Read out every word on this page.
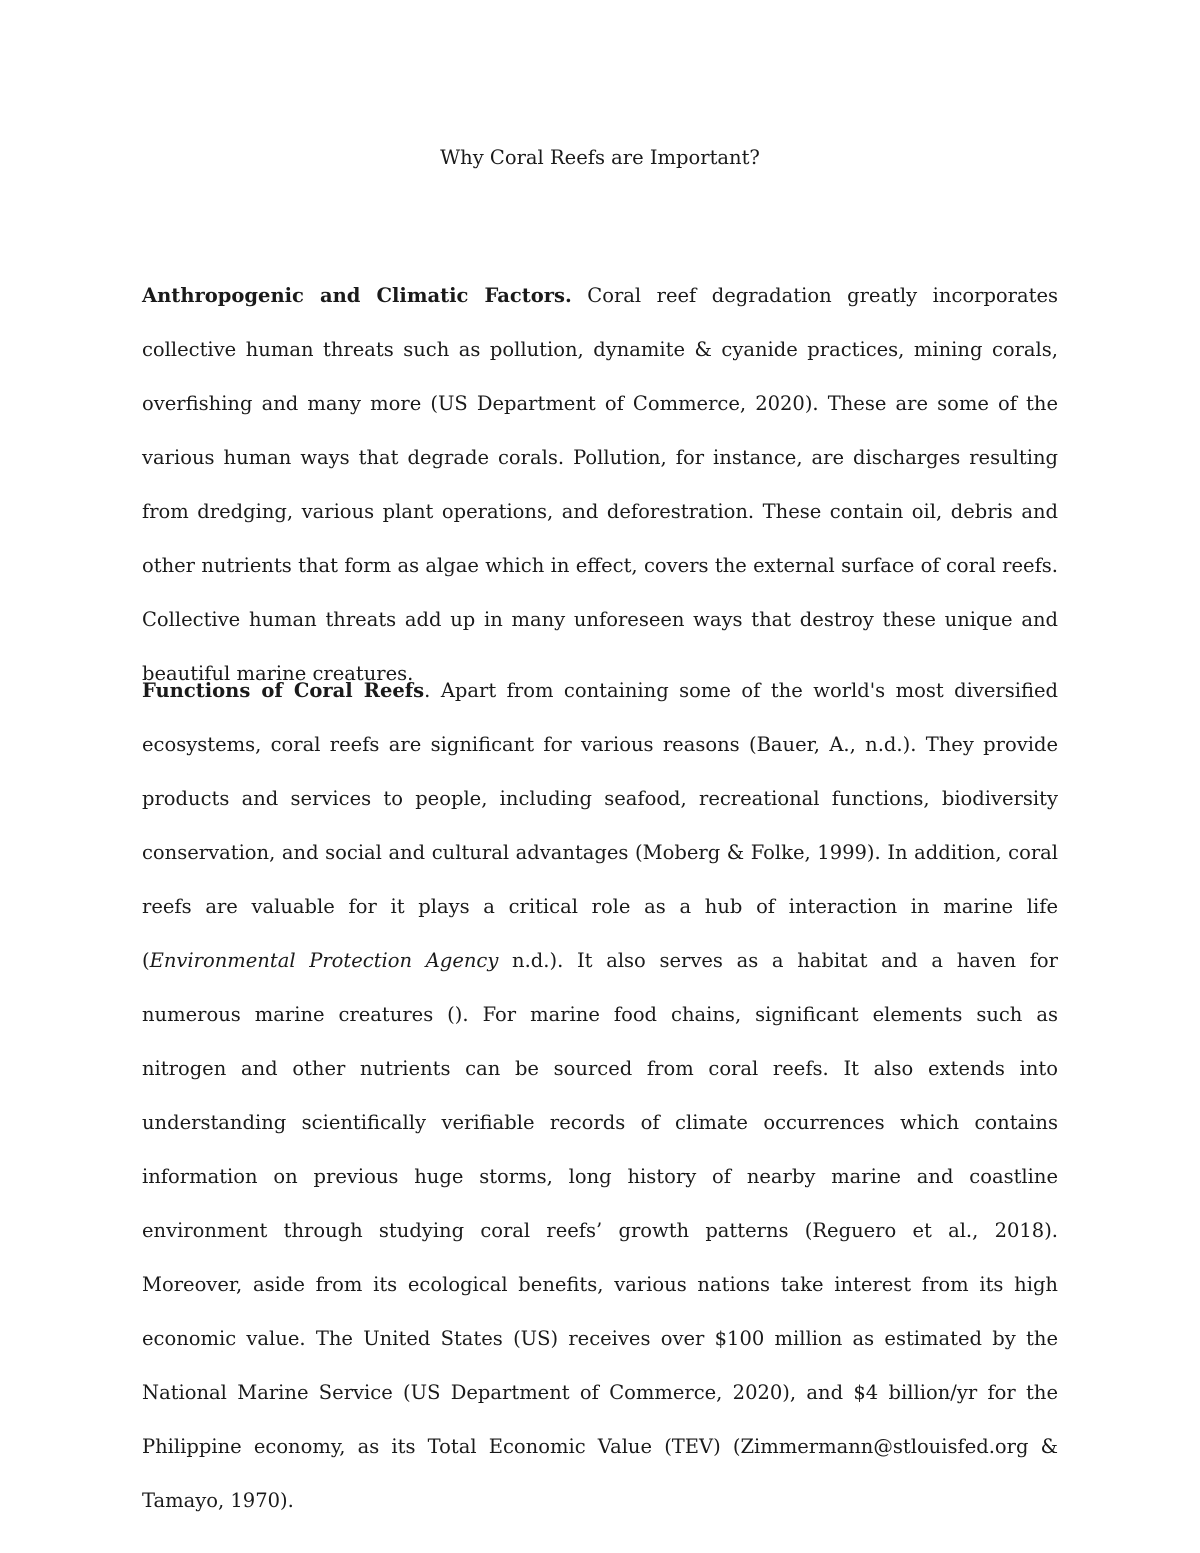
Why Coral Reefs are Important?

Anthropogenic and Climatic Factors. Coral reef degradation greatly incorporates collective human threats such as pollution, dynamite & cyanide practices, mining corals, overfishing and many more (US Department of Commerce, 2020). These are some of the various human ways that degrade corals. Pollution, for instance, are discharges resulting from dredging, various plant operations, and deforestration. These contain oil, debris and other nutrients that form as algae which in effect, covers the external surface of coral reefs. Collective human threats add up in many unforeseen ways that destroy these unique and beautiful marine creatures.

Functions of Coral Reefs. Apart from containing some of the world's most diversified ecosystems, coral reefs are significant for various reasons (Bauer, A., n.d.). They provide products and services to people, including seafood, recreational functions, biodiversity conservation, and social and cultural advantages (Moberg & Folke, 1999). In addition, coral reefs are valuable for it plays a critical role as a hub of interaction in marine life (Environmental Protection Agency n.d.). It also serves as a habitat and a haven for numerous marine creatures (). For marine food chains, significant elements such as nitrogen and other nutrients can be sourced from coral reefs. It also extends into understanding scientifically verifiable records of climate occurrences which contains information on previous huge storms, long history of nearby marine and coastline environment through studying coral reefs’ growth patterns (Reguero et al., 2018). Moreover, aside from its ecological benefits, various nations take interest from its high economic value. The United States (US) receives over $100 million as estimated by the National Marine Service (US Department of Commerce, 2020), and $4 billion/yr for the Philippine economy, as its Total Economic Value (TEV) (Zimmermann@stlouisfed.org & Tamayo, 1970).
